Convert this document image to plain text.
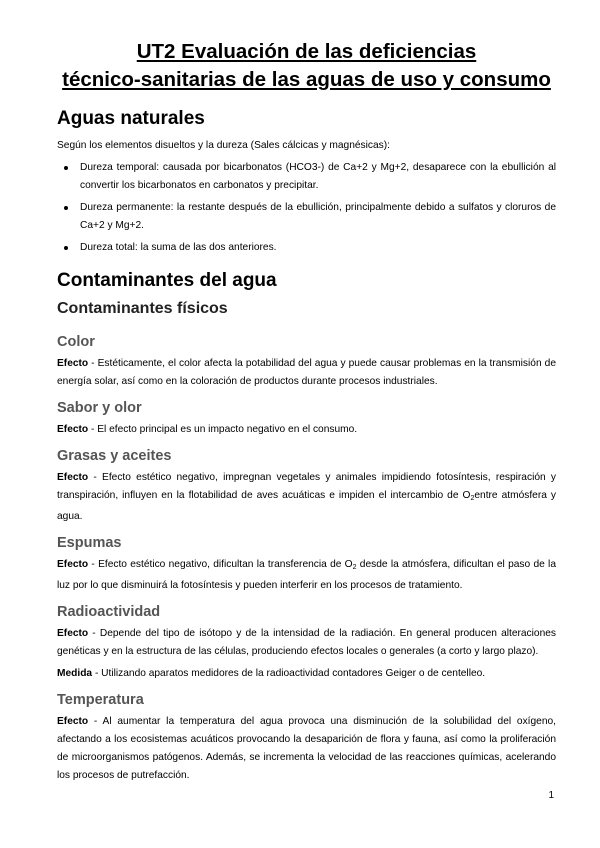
UT2 Evaluación de las deficiencias
técnico-sanitarias de las aguas de uso y consumo
Aguas naturales

Según los elementos disueltos y la dureza (Sales cálcicas y magnésicas):

Dureza temporal: causada por bicarbonatos (HCO3-) de Ca+2 y Mg+2, desaparece con la ebullición al convertir los bicarbonatos en carbonatos y precipitar.
Dureza permanente: la restante después de la ebullición, principalmente debido a sulfatos y cloruros de Ca+2 y Mg+2.
Dureza total: la suma de las dos anteriores.
Contaminantes del agua
Contaminantes físicos
Color

Efecto - Estéticamente, el color afecta la potabilidad del agua y puede causar problemas en la transmisión de energía solar, así como en la coloración de productos durante procesos industriales.

Sabor y olor

Efecto - El efecto principal es un impacto negativo en el consumo.

Grasas y aceites

Efecto - Efecto estético negativo, impregnan vegetales y animales impidiendo fotosíntesis, respiración y transpiración, influyen en la flotabilidad de aves acuáticas e impiden el intercambio de $O_2entre$ atmósfera y agua.

Espumas

Efecto - Efecto estético negativo, dificultan la transferencia de $O_2$ desde la atmósfera, dificultan el paso de la luz por lo que disminuirá la fotosíntesis y pueden interferir en los procesos de tratamiento.

Radioactividad

Efecto - Depende del tipo de isótopo y de la intensidad de la radiación. En general producen alteraciones genéticas y en la estructura de las células, produciendo efectos locales o generales (a corto y largo plazo).

Medida - Utilizando aparatos medidores de la radioactividad contadores Geiger o de centelleo.

Temperatura

Efecto - Al aumentar la temperatura del agua provoca una disminución de la solubilidad del oxígeno, afectando a los ecosistemas acuáticos provocando la desaparición de flora y fauna, así como la proliferación de microorganismos patógenos. Además, se incrementa la velocidad de las reacciones químicas, acelerando los procesos de putrefacción.

1
